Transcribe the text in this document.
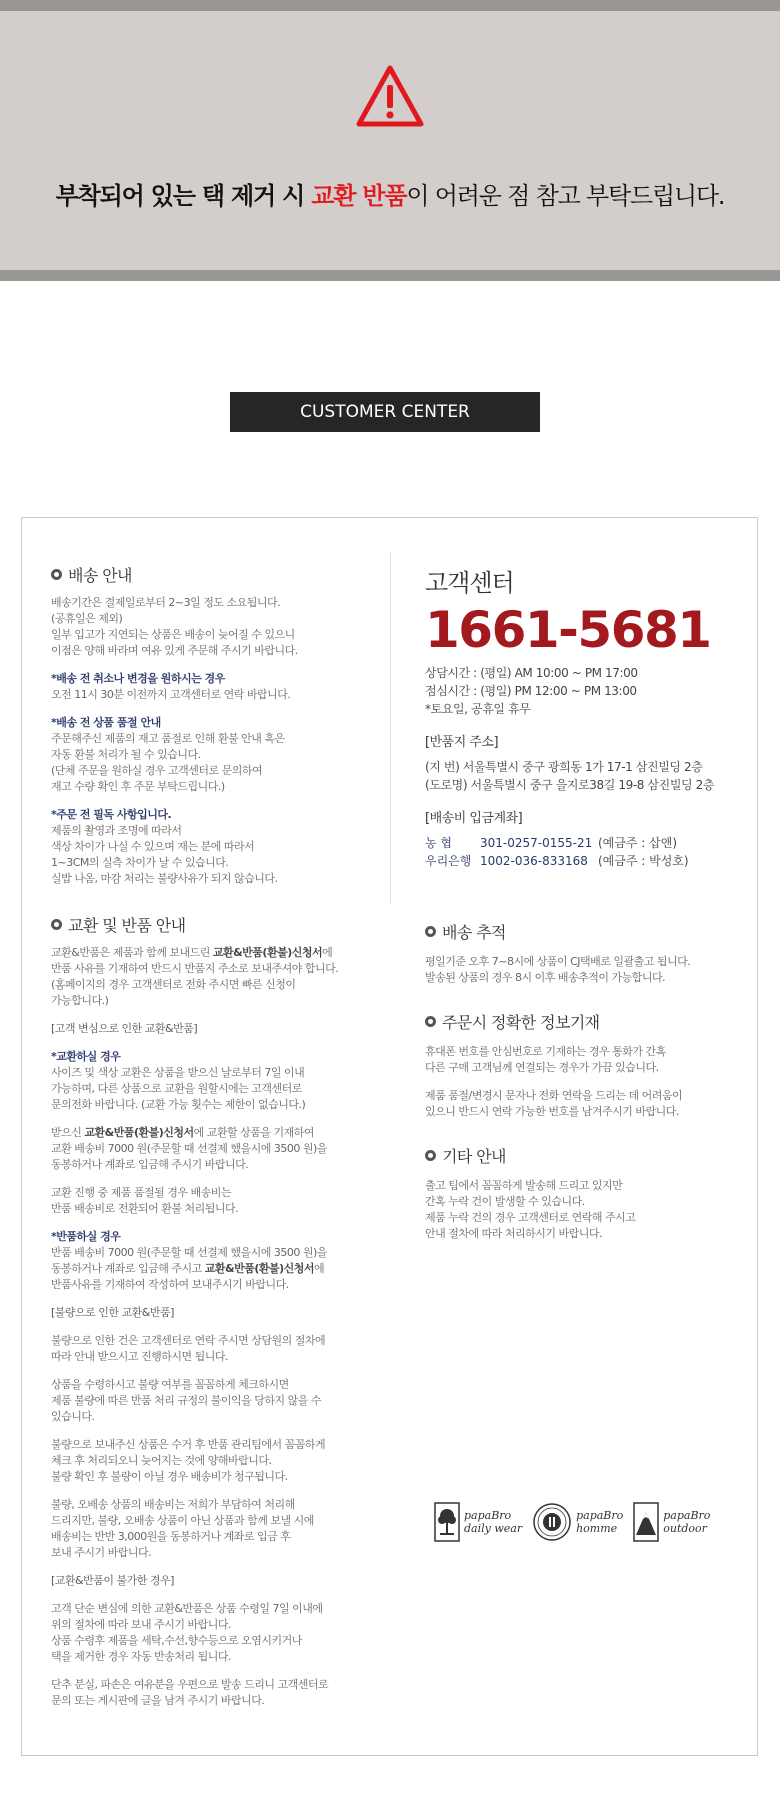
부착되어 있는 택 제거 시 교환 반품이 어려운 점 참고 부탁드립니다.
CUSTOMER CENTER
배송 안내
배송기간은 결제일로부터 2~3일 정도 소요됩니다.
(공휴일은 제외)
일부 입고가 지연되는 상품은 배송이 늦어질 수 있으니
이점은 양해 바라며 여유 있게 주문해 주시기 바랍니다.
*배송 전 취소나 변경을 원하시는 경우
오전 11시 30분 이전까지 고객센터로 연락 바랍니다.
*배송 전 상품 품절 안내
주문해주신 제품의 재고 품절로 인해 환불 안내 혹은
자동 환불 처리가 될 수 있습니다.
(단체 주문을 원하실 경우 고객센터로 문의하여
재고 수량 확인 후 주문 부탁드립니다.)
*주문 전 필독 사항입니다.
제품의 촬영과 조명에 따라서
색상 차이가 나실 수 있으며 재는 분에 따라서
1~3CM의 실측 차이가 날 수 있습니다.
실밥 나옴, 마감 처리는 불량사유가 되지 않습니다.
교환 및 반품 안내
교환&반품은 제품과 함께 보내드린 교환&반품(환불)신청서에
반품 사유를 기재하여 반드시 반품지 주소로 보내주셔야 합니다.
(홈페이지의 경우 고객센터로 전화 주시면 빠른 신청이
가능합니다.)
[고객 변심으로 인한 교환&반품]
*교환하실 경우
사이즈 및 색상 교환은 상품을 받으신 날로부터 7일 이내
가능하며, 다른 상품으로 교환을 원할시에는 고객센터로
문의전화 바랍니다. (교환 가능 횟수는 제한이 없습니다.)
받으신 교환&반품(환불)신청서에 교환할 상품을 기재하여
교환 배송비 7000 원(주문할 때 선결제 했을시에 3500 원)을
동봉하거나 계좌로 입금해 주시기 바랍니다.
교환 진행 중 제품 품절될 경우 배송비는
반품 배송비로 전환되어 환불 처리됩니다.
*반품하실 경우
반품 배송비 7000 원(주문할 때 선결제 했을시에 3500 원)을
동봉하거나 계좌로 입금해 주시고 교환&반품(환불)신청서에
반품사유를 기재하여 작성하여 보내주시기 바랍니다.
[불량으로 인한 교환&반품]
불량으로 인한 건은 고객센터로 연락 주시면 상담원의 절차에
따라 안내 받으시고 진행하시면 됩니다.
상품을 수령하시고 불량 여부를 꼼꼼하게 체크하시면
제품 불량에 따른 반품 처리 규정의 불이익을 당하지 않을 수
있습니다.
불량으로 보내주신 상품은 수거 후 반품 관리팀에서 꼼꼼하게
체크 후 처리되오니 늦어지는 것에 양해바랍니다.
불량 확인 후 불량이 아닐 경우 배송비가 청구됩니다.
불량, 오배송 상품의 배송비는 저희가 부담하여 처리해
드리지만, 불량, 오배송 상품이 아닌 상품과 함께 보낼 시에
배송비는 반반 3,000원을 동봉하거나 계좌로 입금 후
보내 주시기 바랍니다.
[교환&반품이 불가한 경우]
고객 단순 변심에 의한 교환&반품은 상품 수령일 7일 이내에
위의 절차에 따라 보내 주시기 바랍니다.
상품 수령후 제품을 세탁,수선,향수등으로 오염시키거나
택을 제거한 경우 자동 반송처리 됩니다.
단추 분실, 파손은 여유분을 우편으로 발송 드리니 고객센터로
문의 또는 게시판에 글을 남겨 주시기 바랍니다.
고객센터
1661-5681
상담시간 : (평일) AM 10:00 ~ PM 17:00
점심시간 : (평일) PM 12:00 ~ PM 13:00
*토요일, 공휴일 휴무
[반품지 주소]
(지 번) 서울특별시 중구 광희동 1가 17-1 삼진빌딩 2층
(도로명) 서울특별시 중구 을지로38길 19-8 삼진빌딩 2층
[배송비 입금계좌]
농 협	301-0257-0155-21 (예금주 : 삽앤)
우리은행 1002-036-833168 (예금주 : 박성호)
배송 추적
평일기준 오후 7~8시에 상품이 CJ택배로 일괄출고 됩니다.
발송된 상품의 경우 8시 이후 배송추적이 가능합니다.
주문시 정확한 정보기재
휴대폰 번호를 안심번호로 기재하는 경우 통화가 간혹
다른 구매 고객님께 연결되는 경우가 가끔 있습니다.
제품 품절/변경시 문자나 전화 연락을 드리는 데 어려움이
있으니 반드시 연락 가능한 번호를 남겨주시기 바랍니다.
기타 안내
출고 팀에서 꼼꼼하게 발송해 드리고 있지만
간혹 누락 건이 발생할 수 있습니다.
제품 누락 건의 경우 고객센터로 연락해 주시고
안내 절차에 따라 처리하시기 바랍니다.
papaBro
daily wear
papaBro
homme
papaBro
outdoor
